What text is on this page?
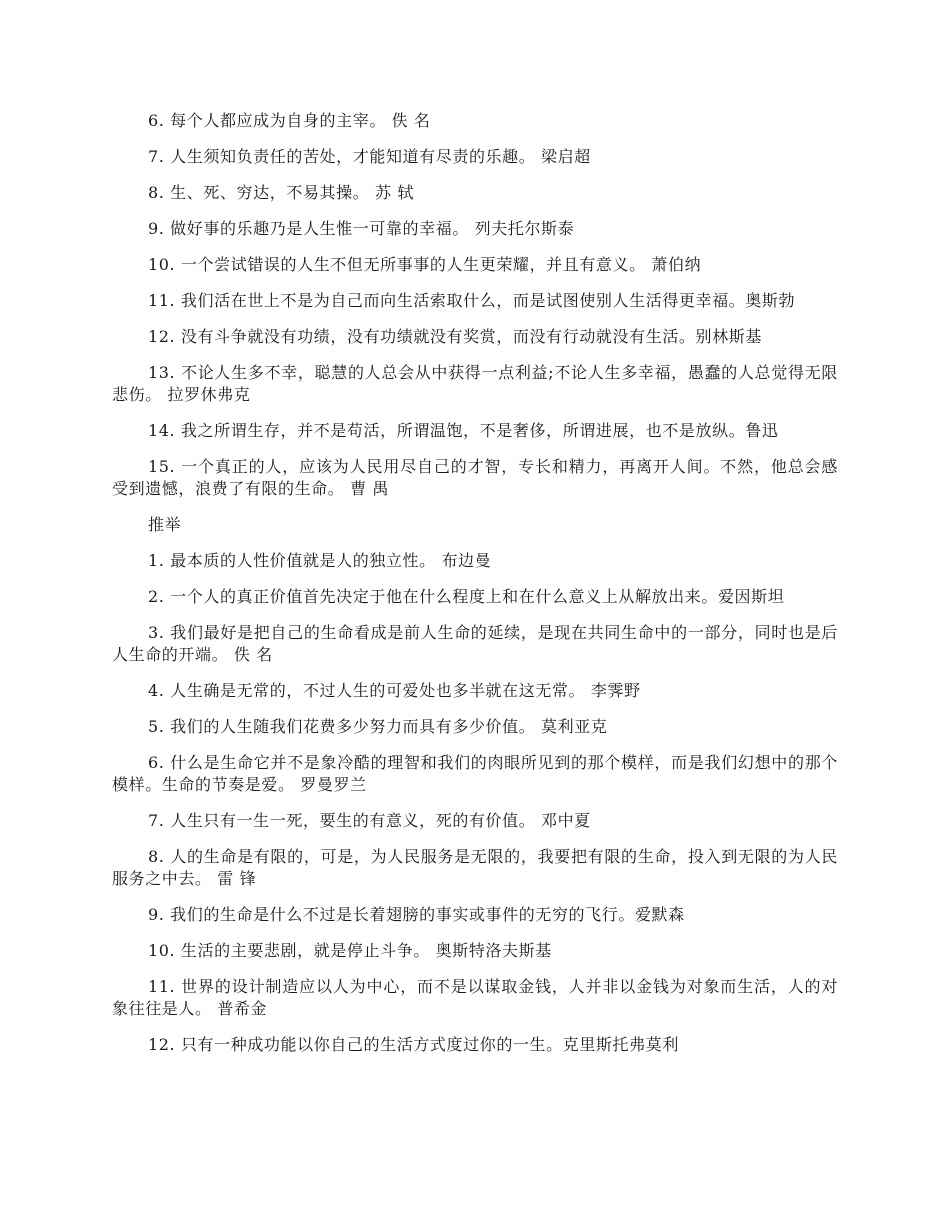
6. 每个人都应成为自身的主宰。 佚 名

7. 人生须知负责任的苦处，才能知道有尽责的乐趣。 梁启超

8. 生、死、穷达，不易其操。 苏 轼

9. 做好事的乐趣乃是人生惟一可靠的幸福。 列夫托尔斯泰

10. 一个尝试错误的人生不但无所事事的人生更荣耀，并且有意义。 萧伯纳

11. 我们活在世上不是为自己而向生活索取什么，而是试图使别人生活得更幸福。奥斯勃

12. 没有斗争就没有功绩，没有功绩就没有奖赏，而没有行动就没有生活。别林斯基

13. 不论人生多不幸，聪慧的人总会从中获得一点利益;不论人生多幸福，愚蠢的人总觉得无限悲伤。 拉罗休弗克

14. 我之所谓生存，并不是苟活，所谓温饱，不是奢侈，所谓进展，也不是放纵。鲁迅

15. 一个真正的人，应该为人民用尽自己的才智，专长和精力，再离开人间。不然，他总会感受到遗憾，浪费了有限的生命。 曹 禺

推举

1. 最本质的人性价值就是人的独立性。 布边曼

2. 一个人的真正价值首先决定于他在什么程度上和在什么意义上从解放出来。爱因斯坦

3. 我们最好是把自己的生命看成是前人生命的延续，是现在共同生命中的一部分，同时也是后人生命的开端。 佚 名

4. 人生确是无常的，不过人生的可爱处也多半就在这无常。 李霁野

5. 我们的人生随我们花费多少努力而具有多少价值。 莫利亚克

6. 什么是生命它并不是象冷酷的理智和我们的肉眼所见到的那个模样，而是我们幻想中的那个模样。生命的节奏是爱。 罗曼罗兰

7. 人生只有一生一死，要生的有意义，死的有价值。 邓中夏

8. 人的生命是有限的，可是，为人民服务是无限的，我要把有限的生命，投入到无限的为人民服务之中去。 雷 锋

9. 我们的生命是什么不过是长着翅膀的事实或事件的无穷的飞行。爱默森

10. 生活的主要悲剧，就是停止斗争。 奥斯特洛夫斯基

11. 世界的设计制造应以人为中心，而不是以谋取金钱，人并非以金钱为对象而生活，人的对象往往是人。 普希金

12. 只有一种成功能以你自己的生活方式度过你的一生。克里斯托弗莫利
